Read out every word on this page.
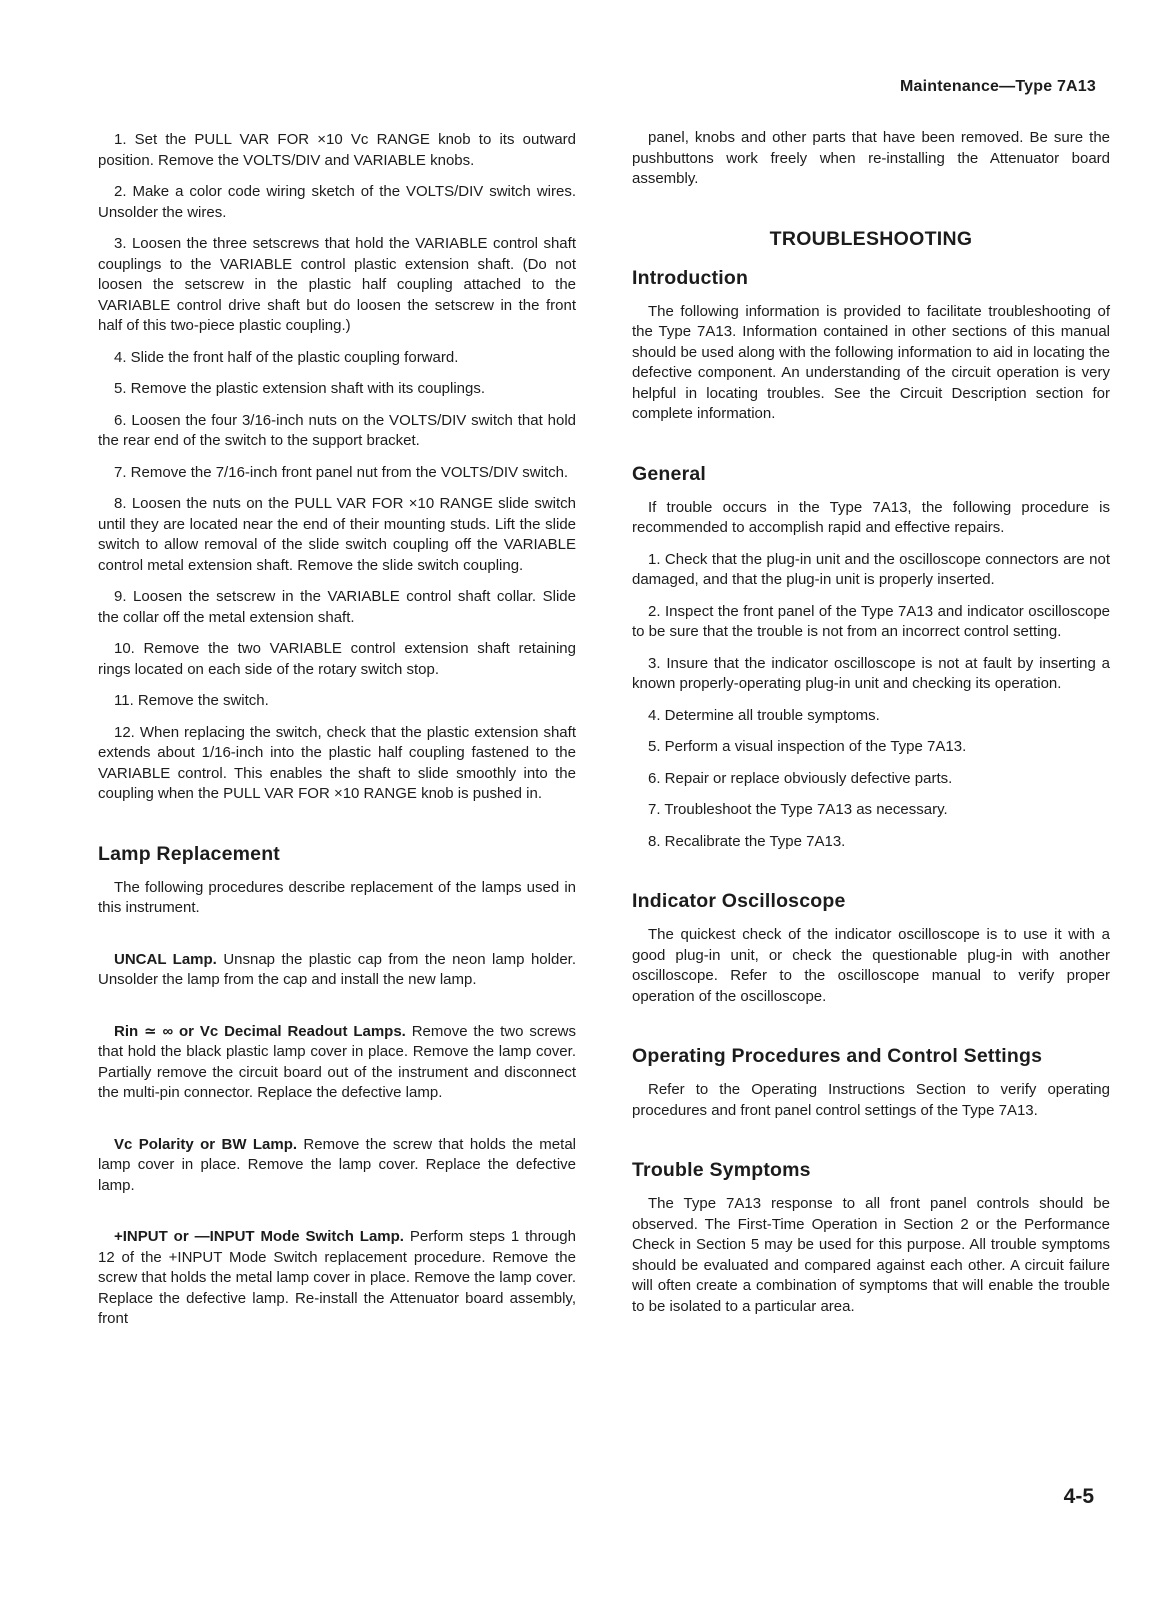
Maintenance—Type 7A13

1. Set the PULL VAR FOR ×10 Vc RANGE knob to its outward position. Remove the VOLTS/DIV and VARIABLE knobs.

2. Make a color code wiring sketch of the VOLTS/DIV switch wires. Unsolder the wires.

3. Loosen the three setscrews that hold the VARIABLE control shaft couplings to the VARIABLE control plastic extension shaft. (Do not loosen the setscrew in the plastic half coupling attached to the VARIABLE control drive shaft but do loosen the setscrew in the front half of this two-piece plastic coupling.)

4. Slide the front half of the plastic coupling forward.

5. Remove the plastic extension shaft with its couplings.

6. Loosen the four 3/16-inch nuts on the VOLTS/DIV switch that hold the rear end of the switch to the support bracket.

7. Remove the 7/16-inch front panel nut from the VOLTS/DIV switch.

8. Loosen the nuts on the PULL VAR FOR ×10 RANGE slide switch until they are located near the end of their mounting studs. Lift the slide switch to allow removal of the slide switch coupling off the VARIABLE control metal extension shaft. Remove the slide switch coupling.

9. Loosen the setscrew in the VARIABLE control shaft collar. Slide the collar off the metal extension shaft.

10. Remove the two VARIABLE control extension shaft retaining rings located on each side of the rotary switch stop.

11. Remove the switch.

12. When replacing the switch, check that the plastic extension shaft extends about 1/16-inch into the plastic half coupling fastened to the VARIABLE control. This enables the shaft to slide smoothly into the coupling when the PULL VAR FOR ×10 RANGE knob is pushed in.

Lamp Replacement

The following procedures describe replacement of the lamps used in this instrument.

UNCAL Lamp. Unsnap the plastic cap from the neon lamp holder. Unsolder the lamp from the cap and install the new lamp.

Rin ≃ ∞ or Vc Decimal Readout Lamps. Remove the two screws that hold the black plastic lamp cover in place. Remove the lamp cover. Partially remove the circuit board out of the instrument and disconnect the multi-pin connector. Replace the defective lamp.

Vc Polarity or BW Lamp. Remove the screw that holds the metal lamp cover in place. Remove the lamp cover. Replace the defective lamp.

+INPUT or —INPUT Mode Switch Lamp. Perform steps 1 through 12 of the +INPUT Mode Switch replacement procedure. Remove the screw that holds the metal lamp cover in place. Remove the lamp cover. Replace the defective lamp. Re-install the Attenuator board assembly, front

panel, knobs and other parts that have been removed. Be sure the pushbuttons work freely when re-installing the Attenuator board assembly.

TROUBLESHOOTING
Introduction

The following information is provided to facilitate troubleshooting of the Type 7A13. Information contained in other sections of this manual should be used along with the following information to aid in locating the defective component. An understanding of the circuit operation is very helpful in locating troubles. See the Circuit Description section for complete information.

General

If trouble occurs in the Type 7A13, the following procedure is recommended to accomplish rapid and effective repairs.

1. Check that the plug-in unit and the oscilloscope connectors are not damaged, and that the plug-in unit is properly inserted.

2. Inspect the front panel of the Type 7A13 and indicator oscilloscope to be sure that the trouble is not from an incorrect control setting.

3. Insure that the indicator oscilloscope is not at fault by inserting a known properly-operating plug-in unit and checking its operation.

4. Determine all trouble symptoms.

5. Perform a visual inspection of the Type 7A13.

6. Repair or replace obviously defective parts.

7. Troubleshoot the Type 7A13 as necessary.

8. Recalibrate the Type 7A13.

Indicator Oscilloscope

The quickest check of the indicator oscilloscope is to use it with a good plug-in unit, or check the questionable plug-in with another oscilloscope. Refer to the oscilloscope manual to verify proper operation of the oscilloscope.

Operating Procedures and Control Settings

Refer to the Operating Instructions Section to verify operating procedures and front panel control settings of the Type 7A13.

Trouble Symptoms

The Type 7A13 response to all front panel controls should be observed. The First-Time Operation in Section 2 or the Performance Check in Section 5 may be used for this purpose. All trouble symptoms should be evaluated and compared against each other. A circuit failure will often create a combination of symptoms that will enable the trouble to be isolated to a particular area.

4-5
